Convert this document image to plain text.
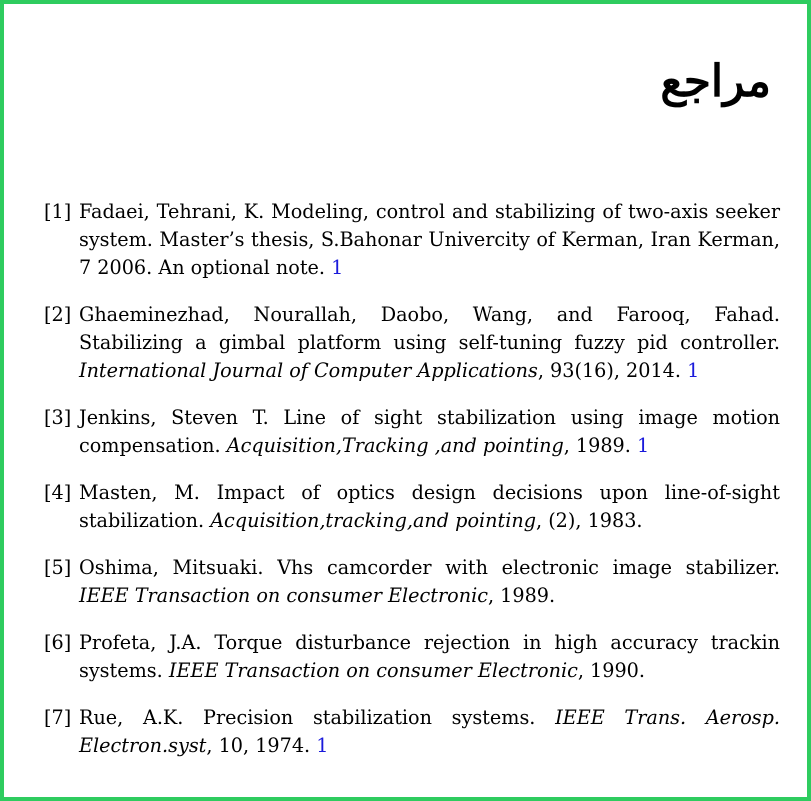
مراجع
[1] Fadaei, Tehrani, K. Modeling, control and stabilizing of two-axis seeker system. Master’s thesis, S.Bahonar Univercity of Kerman, Iran Kerman, 7 2006. An optional note. 1
[2] Ghaeminezhad, Nourallah, Daobo, Wang, and Farooq, Fahad. Stabilizing a gimbal platform using self-tuning fuzzy pid controller. International Journal of Computer Applications, 93(16), 2014. 1
[3] Jenkins, Steven T. Line of sight stabilization using image motion compensation. Acquisition,Tracking ,and pointing, 1989. 1
[4] Masten, M. Impact of optics design decisions upon line-of-sight stabilization. Acquisition,tracking,and pointing, (2), 1983.
[5] Oshima, Mitsuaki. Vhs camcorder with electronic image stabilizer. IEEE Transaction on consumer Electronic, 1989.
[6] Profeta, J.A. Torque disturbance rejection in high accuracy trackin systems. IEEE Transaction on consumer Electronic, 1990.
[7] Rue, A.K. Precision stabilization systems. IEEE Trans. Aerosp. Electron.syst, 10, 1974. 1
